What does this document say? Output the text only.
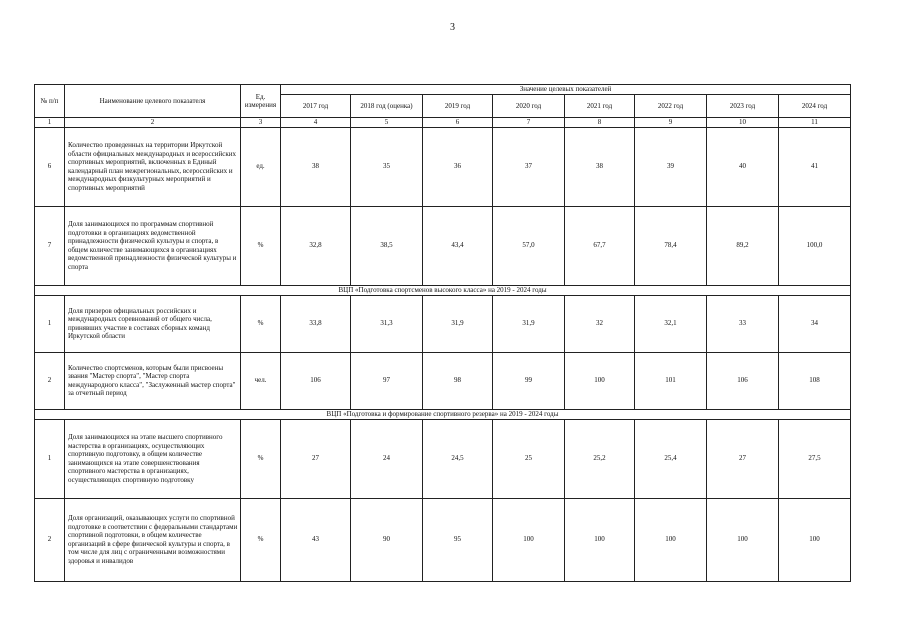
3
№ п/п	Наименование целевого показателя	Ед. измерения	Значение целевых показателей							
			2017 год	2018 год (оценка)	2019 год	2020 год	2021 год	2022 год	2023 год	2024 год
1	2	3	4	5	6	7	8	9	10	11
6	Количество проведенных на территории Иркутской области официальных международных и всероссийских спортивных мероприятий, включенных в Единый календарный план межрегиональных, всероссийских и международных физкультурных мероприятий и спортивных мероприятий	ед.	38	35	36	37	38	39	40	41
7	Доля занимающихся по программам спортивной подготовки в организациях ведомственной принадлежности физической культуры и спорта, в общем количестве занимающихся в организациях ведомственной принадлежности физической культуры и спорта	%	32,8	38,5	43,4	57,0	67,7	78,4	89,2	100,0
ВЦП «Подготовка спортсменов высокого класса» на 2019 - 2024 годы										
1	Доля призеров официальных российских и международных соревнований от общего числа, принявших участие в составах сборных команд Иркутской области	%	33,8	31,3	31,9	31,9	32	32,1	33	34
2	Количество спортсменов, которым были присвоены звания "Мастер спорта", "Мастер спорта международного класса", "Заслуженный мастер спорта" за отчетный период	чел.	106	97	98	99	100	101	106	108
ВЦП «Подготовка и формирование спортивного резерва» на 2019 - 2024 годы										
1	Доля занимающихся на этапе высшего спортивного мастерства в организациях, осуществляющих спортивную подготовку, в общем количестве занимающихся на этапе совершенствования спортивного мастерства в организациях, осуществляющих спортивную подготовку	%	27	24	24,5	25	25,2	25,4	27	27,5
2	Доля организаций, оказывающих услуги по спортивной подготовке в соответствии с федеральными стандартами спортивной подготовки, в общем количестве организаций в сфере физической культуры и спорта, в том числе для лиц с ограниченными возможностями здоровья и инвалидов	%	43	90	95	100	100	100	100	100
